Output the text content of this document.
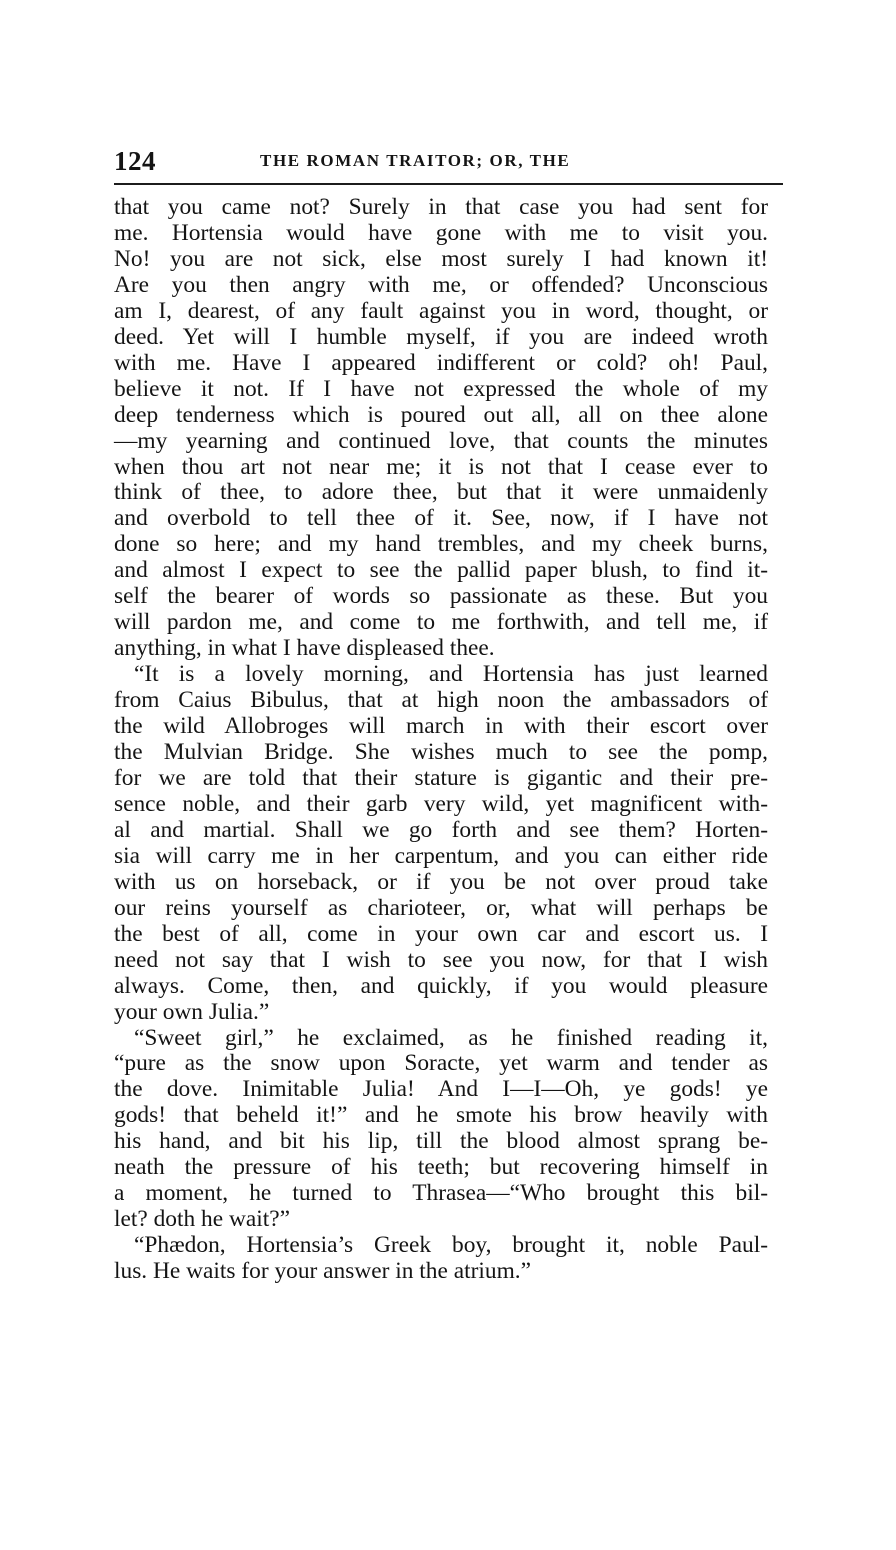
124	THE ROMAN TRAITOR; OR, THE
that you came not? Surely in that case you had sent for
me. Hortensia would have gone with me to visit you.
No! you are not sick, else most surely I had known it!
Are you then angry with me, or offended? Unconscious
am I, dearest, of any fault against you in word, thought, or
deed. Yet will I humble myself, if you are indeed wroth
with me. Have I appeared indifferent or cold? oh! Paul,
believe it not. If I have not expressed the whole of my
deep tenderness which is poured out all, all on thee alone
—my yearning and continued love, that counts the minutes
when thou art not near me; it is not that I cease ever to
think of thee, to adore thee, but that it were unmaidenly
and overbold to tell thee of it. See, now, if I have not
done so here; and my hand trembles, and my cheek burns,
and almost I expect to see the pallid paper blush, to find it-
self the bearer of words so passionate as these. But you
will pardon me, and come to me forthwith, and tell me, if
anything, in what I have displeased thee.
“It is a lovely morning, and Hortensia has just learned
from Caius Bibulus, that at high noon the ambassadors of
the wild Allobroges will march in with their escort over
the Mulvian Bridge. She wishes much to see the pomp,
for we are told that their stature is gigantic and their pre-
sence noble, and their garb very wild, yet magnificent with-
al and martial. Shall we go forth and see them? Horten-
sia will carry me in her carpentum, and you can either ride
with us on horseback, or if you be not over proud take
our reins yourself as charioteer, or, what will perhaps be
the best of all, come in your own car and escort us. I
need not say that I wish to see you now, for that I wish
always. Come, then, and quickly, if you would pleasure
your own Julia.”
“Sweet girl,” he exclaimed, as he finished reading it,
“pure as the snow upon Soracte, yet warm and tender as
the dove. Inimitable Julia! And I—I—Oh, ye gods! ye
gods! that beheld it!” and he smote his brow heavily with
his hand, and bit his lip, till the blood almost sprang be-
neath the pressure of his teeth; but recovering himself in
a moment, he turned to Thrasea—“Who brought this bil-
let? doth he wait?”
“Phædon, Hortensia’s Greek boy, brought it, noble Paul-
lus. He waits for your answer in the atrium.”
